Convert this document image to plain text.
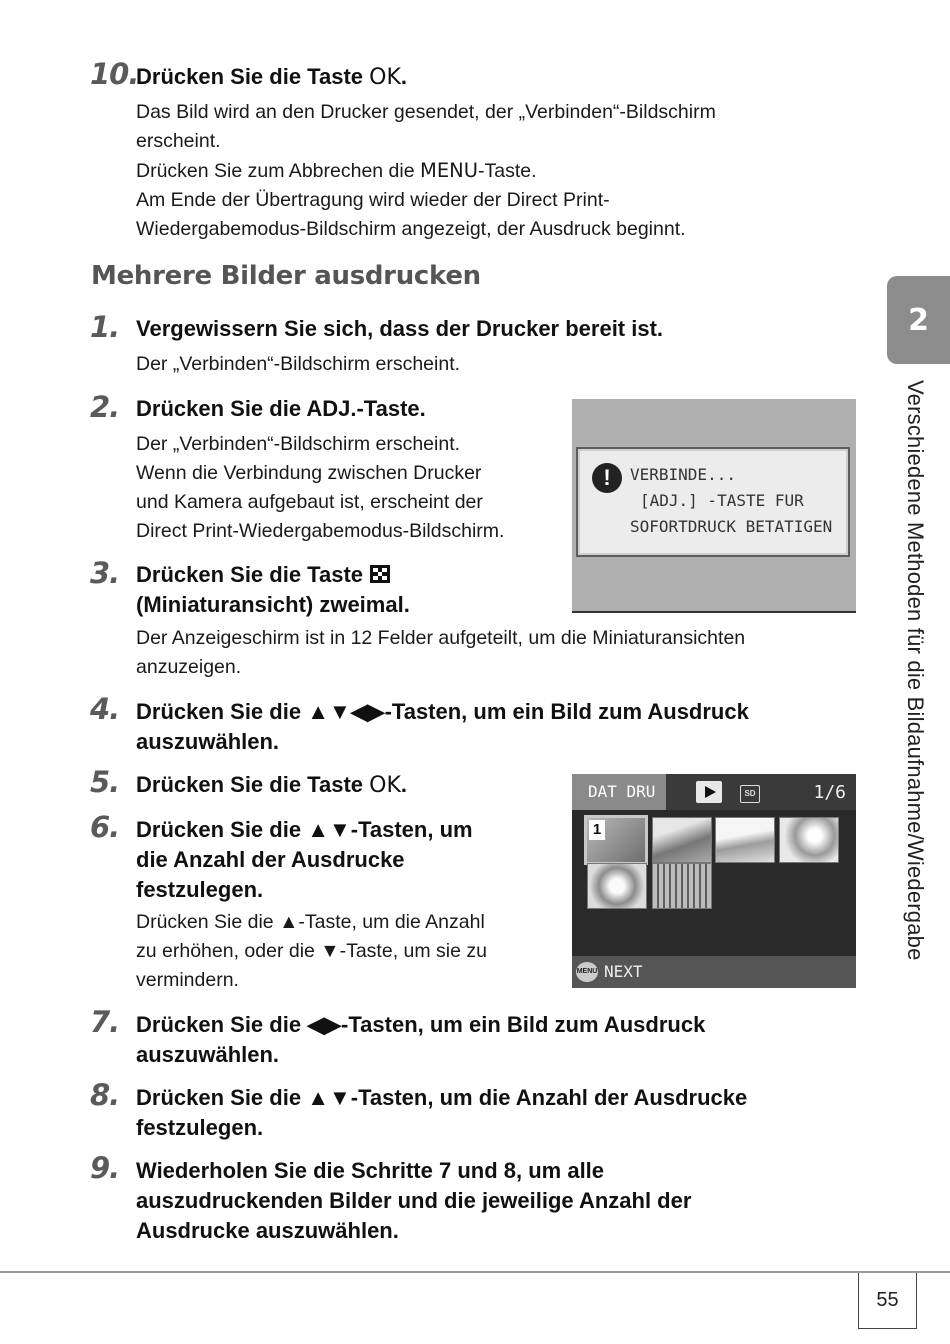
10.
Drücken Sie die Taste OK.
Das Bild wird an den Drucker gesendet, der „Verbinden“-Bildschirm
erscheint.
Drücken Sie zum Abbrechen die MENU-Taste.
Am Ende der Übertragung wird wieder der Direct Print-
Wiedergabemodus-Bildschirm angezeigt, der Ausdruck beginnt.
Mehrere Bilder ausdrucken
1. Vergewissern Sie sich, dass der Drucker bereit ist.
Der „Verbinden“-Bildschirm erscheint.
2. Drücken Sie die ADJ.-Taste.
Der „Verbinden“-Bildschirm erscheint.
Wenn die Verbindung zwischen Drucker
und Kamera aufgebaut ist, erscheint der
Direct Print-Wiedergabemodus-Bildschirm.
!	VERBINDE...
[ADJ.] -TASTE FUR
SOFORTDRUCK BETATIGEN
3. Drücken Sie die Taste
(Miniaturansicht) zweimal.
Der Anzeigeschirm ist in 12 Felder aufgeteilt, um die Miniaturansichten
anzuzeigen.
4. Drücken Sie die ▲▼◀▶-Tasten, um ein Bild zum Ausdruck
auszuwählen.
5. Drücken Sie die Taste OK.
6. Drücken Sie die ▲▼-Tasten, um
die Anzahl der Ausdrucke
festzulegen.
Drücken Sie die ▲-Taste, um die Anzahl
zu erhöhen, oder die ▼-Taste, um sie zu
vermindern.
DAT DRU	SD	1/6
1
MENU NEXT
7. Drücken Sie die ◀▶-Tasten, um ein Bild zum Ausdruck
auszuwählen.
8. Drücken Sie die ▲▼-Tasten, um die Anzahl der Ausdrucke
festzulegen.
9. Wiederholen Sie die Schritte 7 und 8, um alle
auszudruckenden Bilder und die jeweilige Anzahl der
Ausdrucke auszuwählen.
2
Verschiedene Methoden für die Bildaufnahme/Wiedergabe
55
